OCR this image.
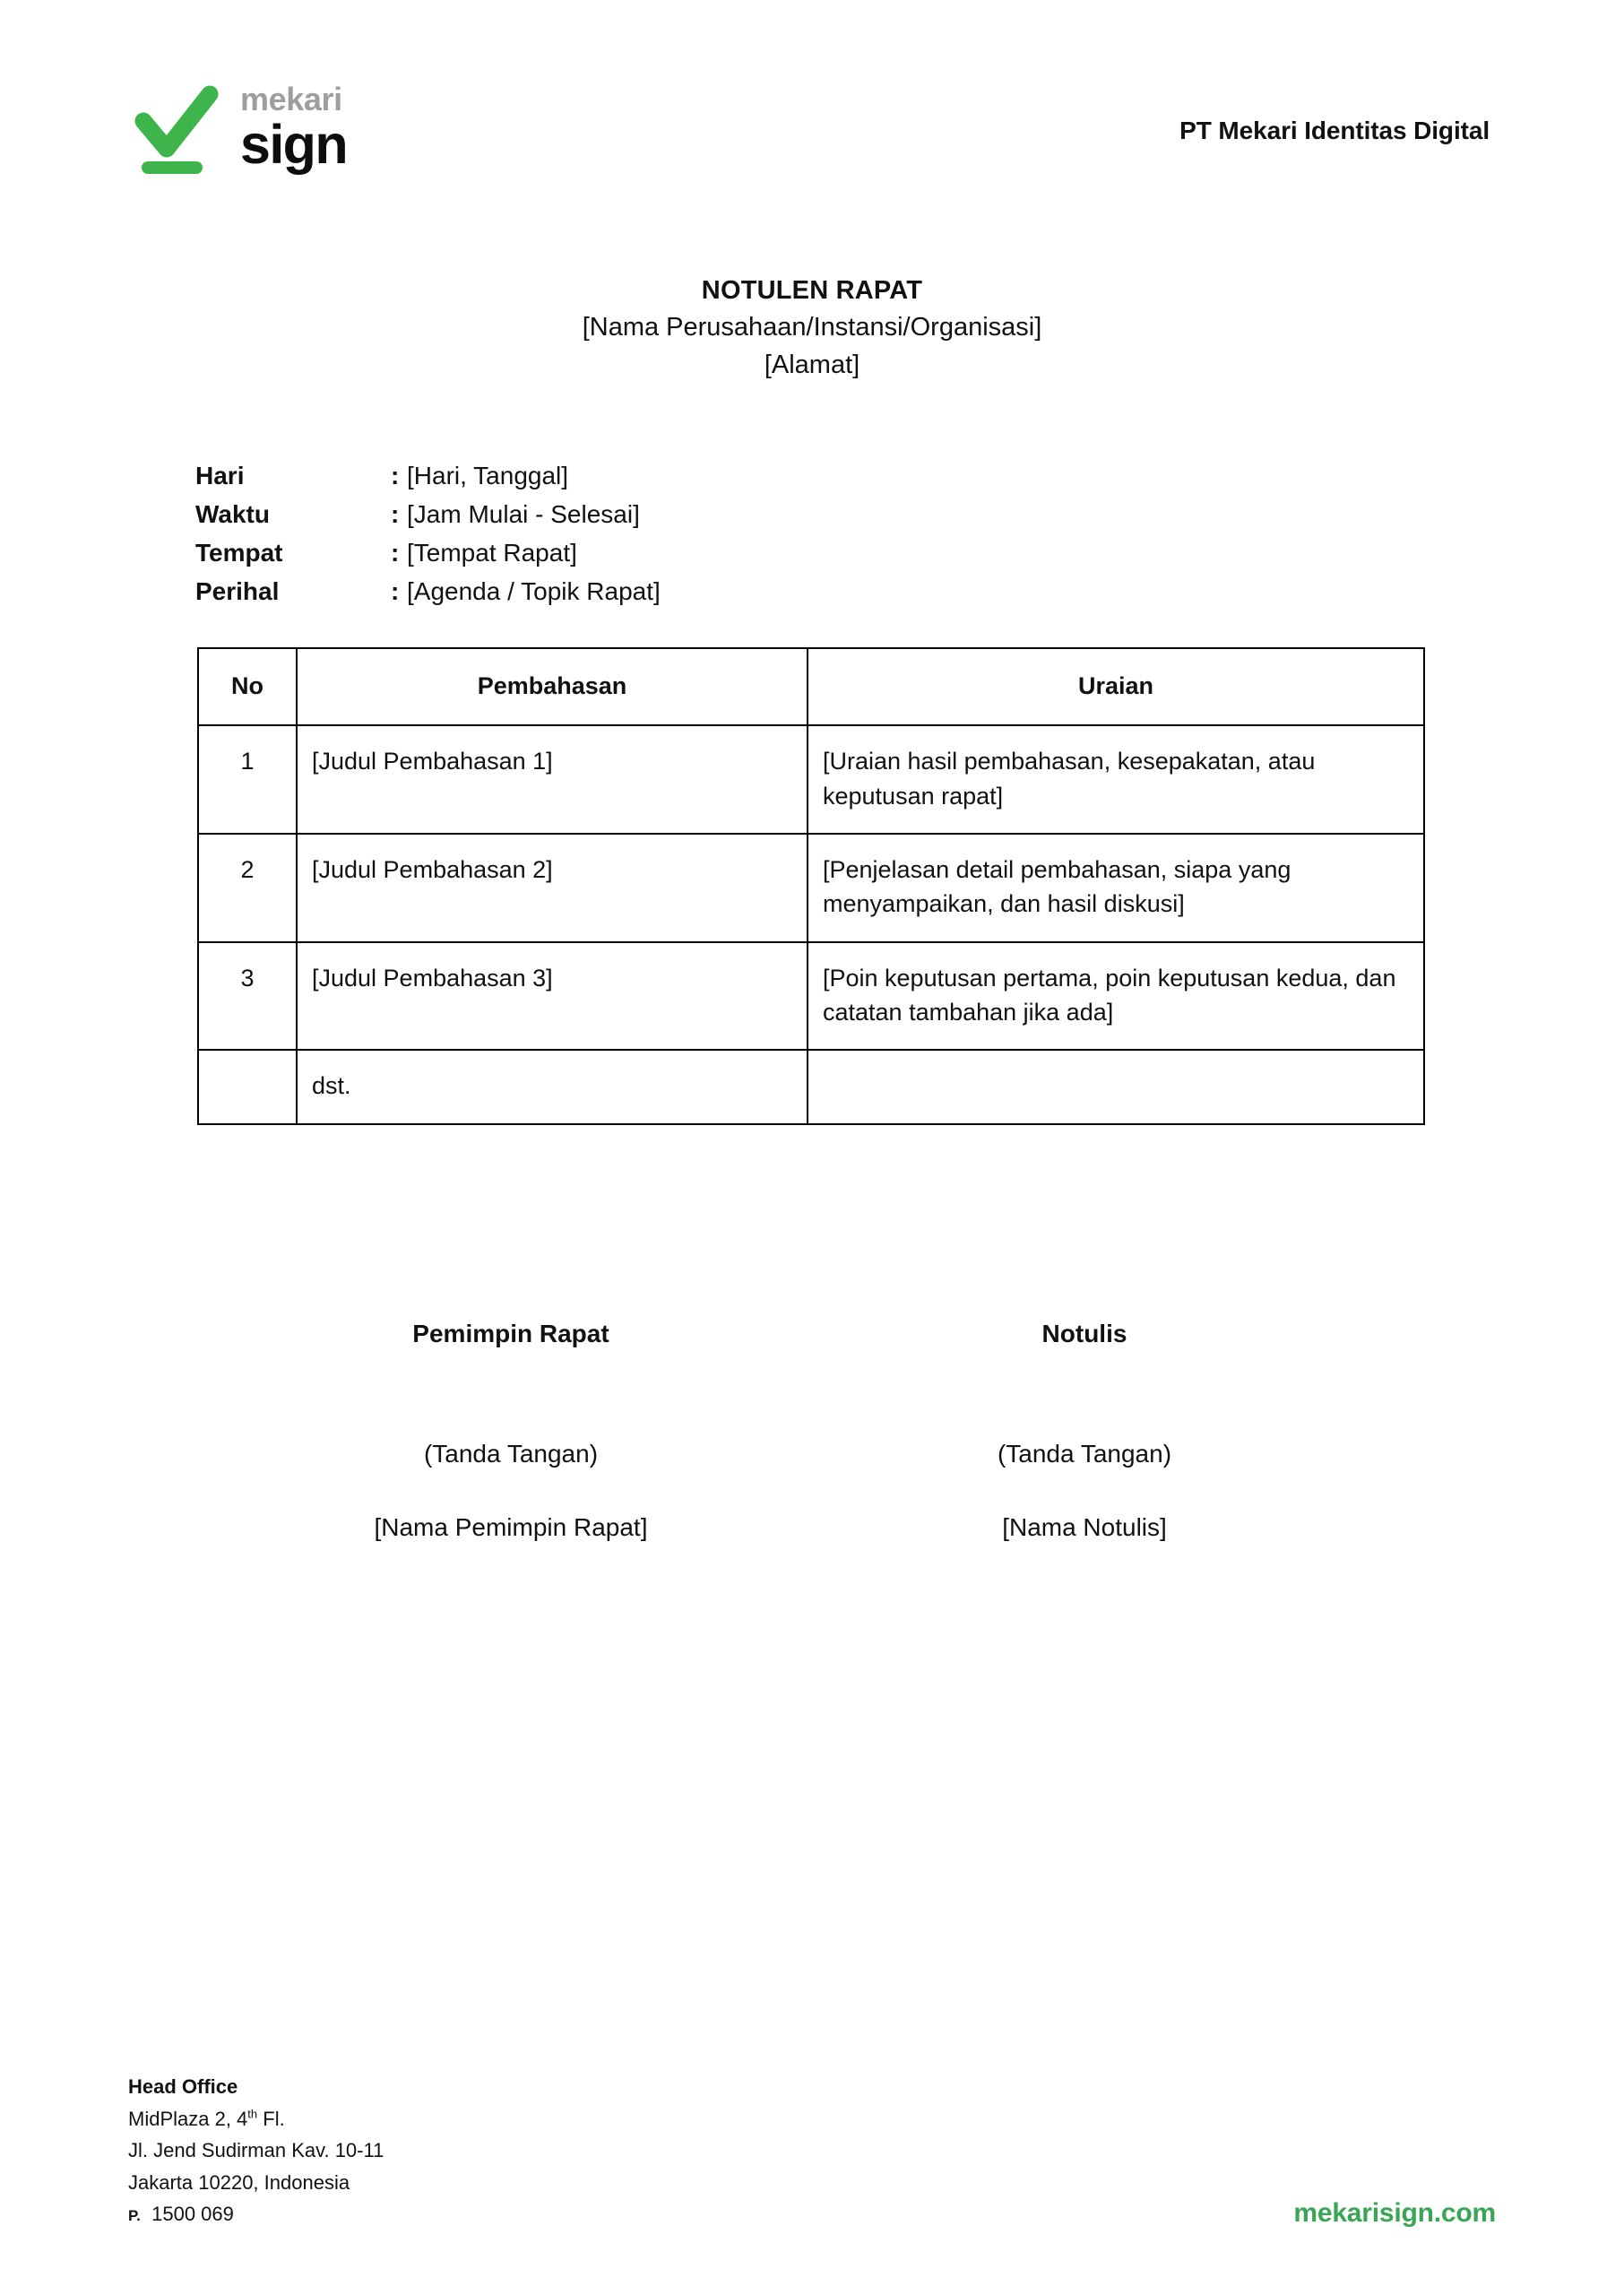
mekari
sign	PT Mekari Identitas Digital
NOTULEN RAPAT
[Nama Perusahaan/Instansi/Organisasi]
[Alamat]
Hari	: [Hari, Tanggal]
Waktu	: [Jam Mulai - Selesai]
Tempat	: [Tempat Rapat]
Perihal	: [Agenda / Topik Rapat]
No	Pembahasan	Uraian
1	[Judul Pembahasan 1]	[Uraian hasil pembahasan, kesepakatan, atau keputusan rapat]
2	[Judul Pembahasan 2]	[Penjelasan detail pembahasan, siapa yang menyampaikan, dan hasil diskusi]
3	[Judul Pembahasan 3]	[Poin keputusan pertama, poin keputusan kedua, dan catatan tambahan jika ada]
	dst.	
Pemimpin Rapat
(Tanda Tangan)
[Nama Pemimpin Rapat]
Notulis
(Tanda Tangan)
[Nama Notulis]
Head Office
MidPlaza 2, 4th Fl.
Jl. Jend Sudirman Kav. 10-11
Jakarta 10220, Indonesia
P. 1500 069	mekarisign.com
